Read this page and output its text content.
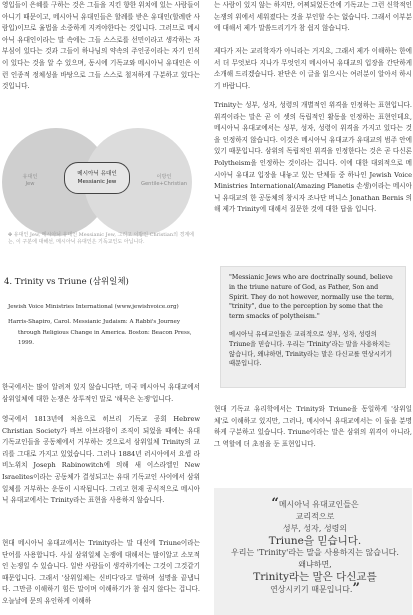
영입들이 은혜를 구하는 것은 그들을 지킨 향한 위치에 있는 사람들이 아니기 때문이고, 메시아닉 유대인들은 할례를 받은 유대인(할례란 사람입)이므로 율법을 소중하게 지켜야한다는 것입니다. 그러므로 메시아닉 유대인이라는 말 속에는 그들 스스로를 선민이라고 생각하는 자부심이 있다는 것과 그들이 하나님의 약속의 주인공이라는 자기 인식이 있다는 것을 알 수 있으며, 동시에 기독교와 메시아닉 유대인은 이런 인종적 정체성을 바탕으로 그들 스스로 철저하게 구분하고 있다는 것입니다.

유대인
Jew
메시아닉 유대인
Messianic Jew
이방인
Gentile+Christian
✤ 유대인 Jew, 메시아닉 유대인 Messianic Jew, 그리고 이방인 Christian의 경계에는, 이 구분에 대해선, 메시아닉 유대인은 기독교인도 아닙니다.
4. Trinity vs Triune (삼위일체)

Jewish Voice Ministries International (www.jewishvoice.org)

Harris-Shapiro, Carol. Messianic Judaism: A Rabbi's Journey through Religious Change in America. Boston: Beacon Press, 1999.

한국에서는 많이 알려져 있지 않습니다만, 미국 메시아닉 유대교에서 삼위일체에 대한 논쟁은 상투적인 말로 '해묵은 논쟁'입니다.

영국에서 1813년에 처음으로 히브리 기독교 공회 Hebrew Christian Society가 바브 아브라함이 조직이 되었을 때에는 유대 기독교인들을 공동체에서 거부하는 것으로서 삼위일체 Trinity의 교리를 그대로 가지고 있었습니다. 그러나 1884년 러시아에서 요셉 라비노위치 Joseph Rabinowitch에 의해 새 이스라엘인 New Israelites이라는 공동체가 결성되고는 유대 기독교인 사이에서 삼위일체를 거부하는 운동이 시작됩니다. 그리고 현재 공식적으로 메시아닉 유대교에서는 Trinity라는 표현을 사용하지 않습니다.

현대 메시아닉 유대교에서는 Trinity라는 말 대신에 Triune이라는 단어를 사용합니다. 사실 삼위일체 논쟁에 대해서는 많이알고 소모적인 논쟁일 수 있습니다. 일반 사람들이 생각하기에는 그것이 그것같기 때문입니다. 그래서 '삼위일체는 신비다'라고 말하며 설명을 끝냅니다. 그만큼 이해하기 힘든 말이며 이해하기가 참 쉽지 않다는 겁니다. 오늘날에 문의 유인하게 이해하

는 사람이 있지 않는 하지만, 어찌되었든간에 기독교는 그런 신학적인 논쟁의 위에서 세워졌다는 것을 부인할 수는 없습니다. 그래서 이부분에 대해서 제가 말씀드리기가 참 쉽지 않습니다.

제다가 저는 교리학자가 아니라는 거지요, 그래서 제가 이해하는 한에서 더 무엇보다 지나가 무엇인지 메시아닉 유대교의 입장을 간단하게 소개해 드리겠습니다. 판단은 이 글을 읽으시는 여러분이 알아서 하시기 바랍니다.

Trinity는 성부, 성자, 성령의 개별적인 위격을 인정하는 표현입니다. 위격이라는 말은 곧 이 셋의 독립적인 활동을 인정하는 표현인데요, 메시아닉 유대교에서는 성부, 성자, 성령이 위격을 가지고 있다는 것을 인정하지 않습니다. 이것은 메시아닉 유대교가 유대교의 범주 안에 있기 때문입니다. 삼위의 독립적인 위격을 인정한다는 것은 곧 다신론 Polytheism을 인정하는 것이라는 겁니다. 이에 대한 대외적으로 메시아닉 유대교 입장을 내놓고 있는 단체들 중 하나인 Jewish Voice Ministries International(Amazing Planetis 손생)이라는 메시아닉 유대교의 한 공동체의 창시자 조나단 버니스 Jonathan Bernis 의해 제가 Trinity에 대해서 질문한 것에 대한 답을 입니다.

"Messianic Jews who are doctrinally sound, believe in the triune nature of God, as Father, Son and Spirit. They do not however, normally use the term, "trinity", due to the perception by some that the term smacks of polytheism."
메시아닉 유대교인들은 교리적으로 성부, 성자, 성령의 Triune을 믿습니다. 우리는 'Trinity'라는 말을 사용하지는 않습니다, 왜냐하면, Trinity라는 말은 다신교를 연상시키기 때문입니다.

현대 기독교 유리학에서는 Trinity와 Triune을 동일하게 '삼위일체'로 이해하고 있지만, 그러나, 메시아닉 유대교에서는 이 둘을 분명하게 구분하고 있습니다. Triune이라는 말은 삼위의 위격이 아니라, 그 역할에 더 초점을 둔 표현입니다.

“메시아닉 유대교인들은
교리적으로
성부, 성자, 성령의
Triune을 믿습니다.
우리는 'Trinity'라는 말을 사용하지는 않습니다.
왜냐하면,
Trinity라는 말은 다신교를
연상시키기 때문입니다.”
